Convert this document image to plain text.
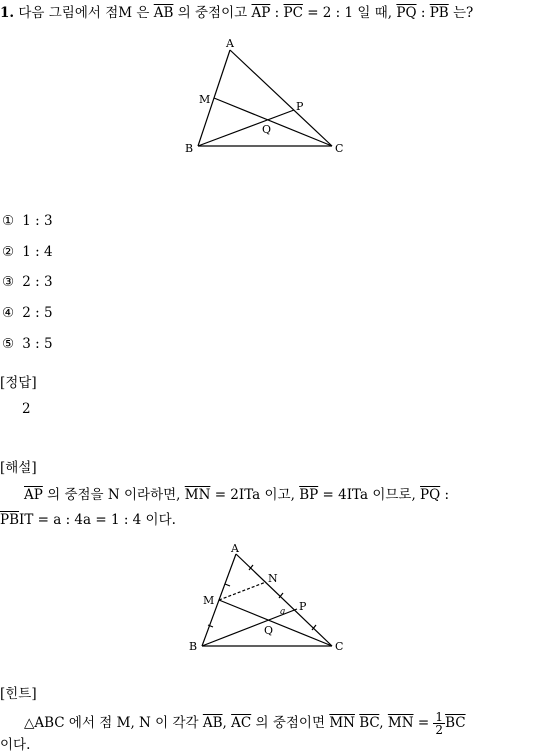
1. 다음 그림에서 점M 은 $\overline{AB}$ 의 중점이고 $\overline{AP}$ : $\overline{PC} = 2$ : 1 일 때, $\overline{PQ}$ : $\overline{PB}$ 는?
A
B	C
M
P
Q
① 1 : 3
② 1 : 4
③ 2 : 3
④ 2 : 5
⑤ 3 : 5
[정답]
2
[해설]
$\overline{AP}$ 의 중점을 N 이라하면, $\overline{MN} = 2ITa$ 이고, $\overline{BP} = 4ITa$ 이므로, $\overline{PQ}$ :
$\overline{PB}IT = a$ : 4a = 1 : 4 이다.
A
B	C
M
N
P
Q
a
[힌트]
△ABC 에서 점 M, N 이 각각 $\overline{AB}$, $\overline{AC}$ 의 중점이면 $\overline{MN}$ $\overline{BC}$, $\overline{MN} = \frac{1}{2} \overline{BC}$
이다.
